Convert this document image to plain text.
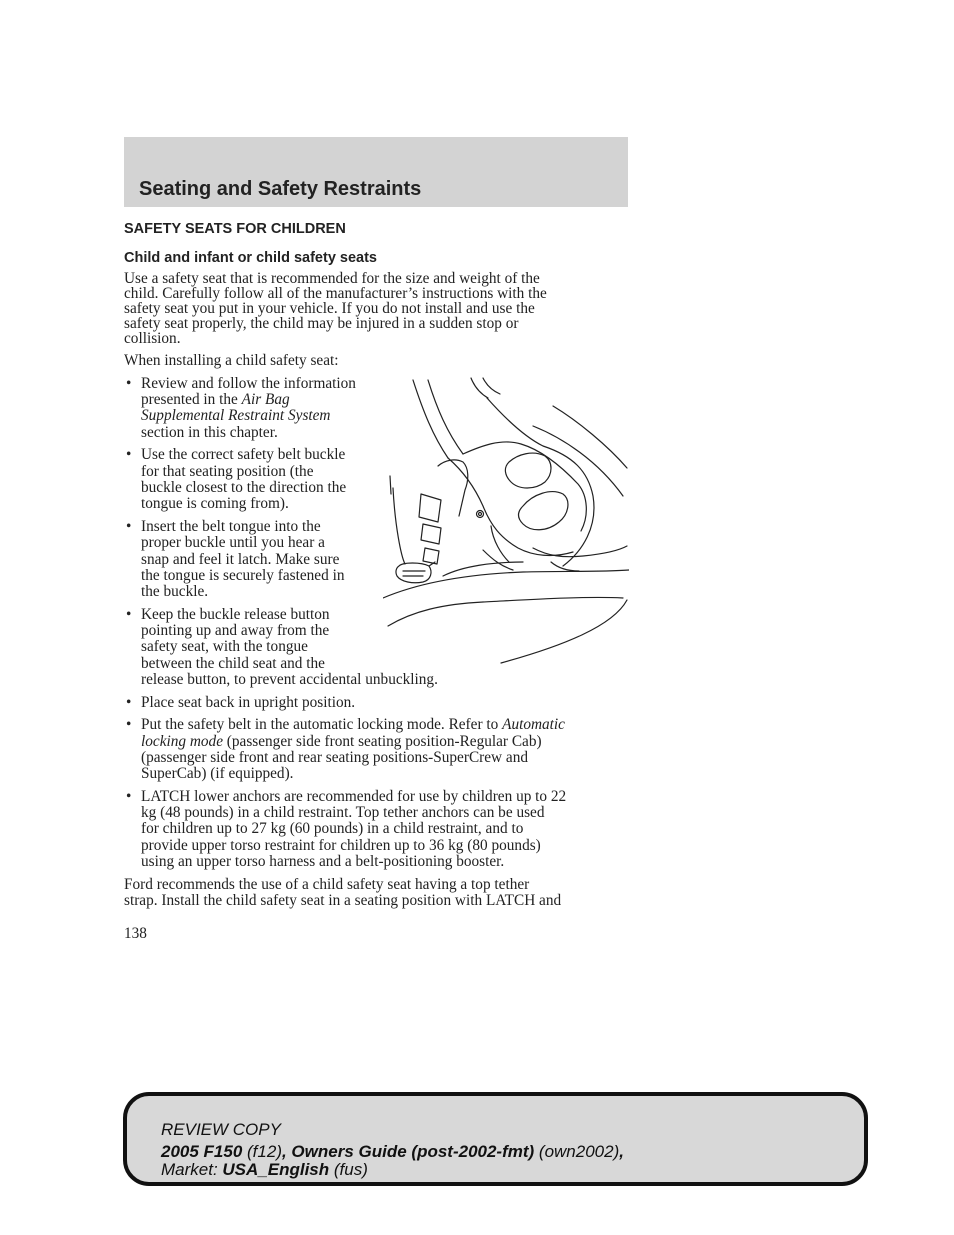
Seating and Safety Restraints
SAFETY SEATS FOR CHILDREN
Child and infant or child safety seats
Use a safety seat that is recommended for the size and weight of the
child. Carefully follow all of the manufacturer’s instructions with the
safety seat you put in your vehicle. If you do not install and use the
safety seat properly, the child may be injured in a sudden stop or
collision.
When installing a child safety seat:
• Review and follow the information
presented in the Air Bag
Supplemental Restraint System
section in this chapter.
• Use the correct safety belt buckle
for that seating position (the
buckle closest to the direction the
tongue is coming from).
• Insert the belt tongue into the
proper buckle until you hear a
snap and feel it latch. Make sure
the tongue is securely fastened in
the buckle.
• Keep the buckle release button
pointing up and away from the
safety seat, with the tongue
between the child seat and the
release button, to prevent accidental unbuckling.
• Place seat back in upright position.
• Put the safety belt in the automatic locking mode. Refer to Automatic
locking mode (passenger side front seating position-Regular Cab)
(passenger side front and rear seating positions-SuperCrew and
SuperCab) (if equipped).
• LATCH lower anchors are recommended for use by children up to 22
kg (48 pounds) in a child restraint. Top tether anchors can be used
for children up to 27 kg (60 pounds) in a child restraint, and to
provide upper torso restraint for children up to 36 kg (80 pounds)
using an upper torso harness and a belt-positioning booster.
Ford recommends the use of a child safety seat having a top tether
strap. Install the child safety seat in a seating position with LATCH and
138
REVIEW COPY
2005 F150 (f12), Owners Guide (post-2002-fmt) (own2002),
Market: USA_English (fus)
